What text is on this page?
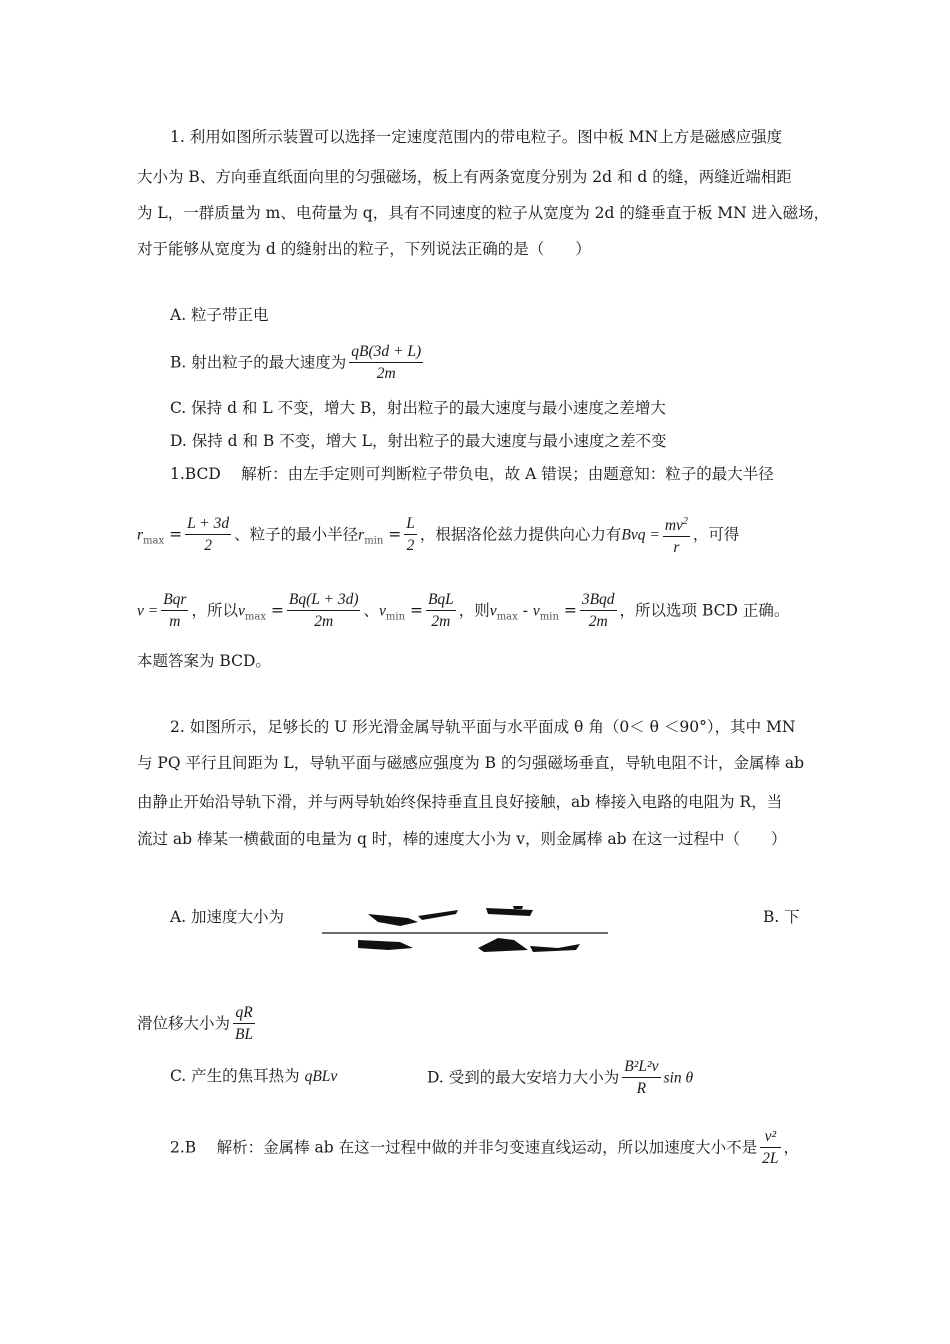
1. 利用如图所示装置可以选择一定速度范围内的带电粒子。图中板 MN上方是磁感应强度
大小为 B、方向垂直纸面向里的匀强磁场，板上有两条宽度分别为 2d 和 d 的缝，两缝近端相距
为 L，一群质量为 m、电荷量为 q，具有不同速度的粒子从宽度为 2d 的缝垂直于板 MN 进入磁场，
对于能够从宽度为 d 的缝射出的粒子，下列说法正确的是（　　）
A. 粒子带正电
B. 射出粒子的最大速度为 $\frac{qB(3d + L)}{2m}$
C. 保持 d 和 L 不变，增大 B，射出粒子的最大速度与最小速度之差增大
D. 保持 d 和 B 不变，增大 L，射出粒子的最大速度与最小速度之差不变
1.BCD　 解析：由左手定则可判断粒子带负电，故 A 错误；由题意知：粒子的最大半径
$r_{max} = \frac{L + 3d}{2}$ 、粒子的最小半径$r_{min} = \frac{L}{2}$ ，根据洛伦兹力提供向心力有Bvq = $\frac{mv^2}{r}$ ，可得
$v = \frac{\text{Bqr}}{m}$ ，所以$v_{max} = \frac{Bq(L + 3d)}{2m}$ 、$v_{min} = \frac{\text{BqL}}{2m}$ ，则$v_{max} - v_{min} = \frac{\text{3Bqd}}{2m}$ ，所以选项 BCD 正确。
本题答案为 BCD。
2. 如图所示，足够长的 U 形光滑金属导轨平面与水平面成 θ 角（0＜ θ ＜90°），其中 MN
与 PQ 平行且间距为 L，导轨平面与磁感应强度为 B 的匀强磁场垂直，导轨电阻不计，金属棒 ab
由静止开始沿导轨下滑，并与两导轨始终保持垂直且良好接触，ab 棒接入电路的电阻为 R，当
流过 ab 棒某一横截面的电量为 q 时，棒的速度大小为 v，则金属棒 ab 在这一过程中（　　）
A. 加速度大小为	B. 下
滑位移大小为 $\frac{qR}{BL}$
C. 产生的焦耳热为 qBLv	D. 受到的最大安培力大小为 $\frac{\text{B²L²v}}{R}$ sin θ
2.B　 解析：金属棒 ab 在这一过程中做的并非匀变速直线运动，所以加速度大小不是 $\frac{\text{v²}}{2L}$ ，
